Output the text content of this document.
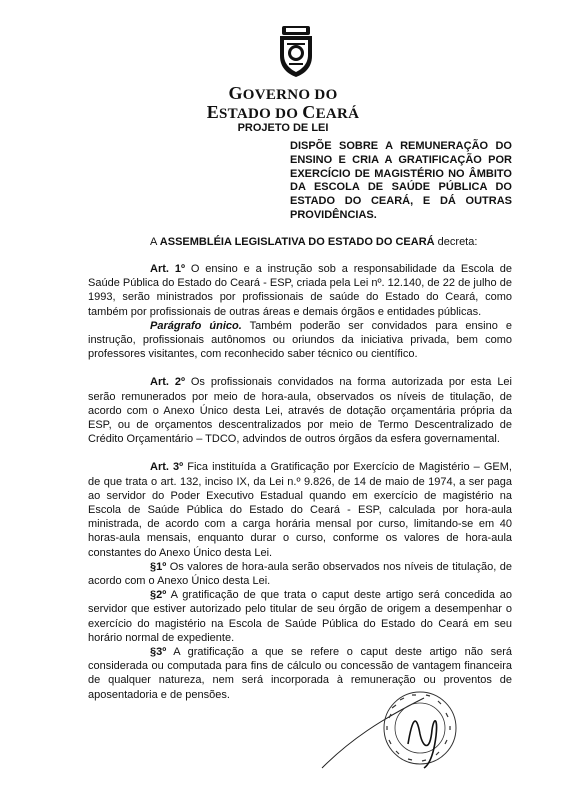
GOVERNO DO
ESTADO DO CEARÁ
PROJETO DE LEI
DISPÕE SOBRE A REMUNERAÇÃO DO ENSINO E CRIA A GRATIFICAÇÃO POR EXERCÍCIO DE MAGISTÉRIO NO ÂMBITO DA ESCOLA DE SAÚDE PÚBLICA DO ESTADO DO CEARÁ, E DÁ OUTRAS PROVIDÊNCIAS.
A ASSEMBLÉIA LEGISLATIVA DO ESTADO DO CEARÁ decreta:

Art. 1º O ensino e a instrução sob a responsabilidade da Escola de Saúde Pública do Estado do Ceará - ESP, criada pela Lei nº. 12.140, de 22 de julho de 1993, serão ministrados por profissionais de saúde do Estado do Ceará, como também por profissionais de outras áreas e demais órgãos e entidades públicas.

Parágrafo único. Também poderão ser convidados para ensino e instrução, profissionais autônomos ou oriundos da iniciativa privada, bem como professores visitantes, com reconhecido saber técnico ou científico.

Art. 2º Os profissionais convidados na forma autorizada por esta Lei serão remunerados por meio de hora-aula, observados os níveis de titulação, de acordo com o Anexo Único desta Lei, através de dotação orçamentária própria da ESP, ou de orçamentos descentralizados por meio de Termo Descentralizado de Crédito Orçamentário – TDCO, advindos de outros órgãos da esfera governamental.

Art. 3º Fica instituída a Gratificação por Exercício de Magistério – GEM, de que trata o art. 132, inciso IX, da Lei n.º 9.826, de 14 de maio de 1974, a ser paga ao servidor do Poder Executivo Estadual quando em exercício de magistério na Escola de Saúde Pública do Estado do Ceará - ESP, calculada por hora-aula ministrada, de acordo com a carga horária mensal por curso, limitando-se em 40 horas-aula mensais, enquanto durar o curso, conforme os valores de hora-aula constantes do Anexo Único desta Lei.

§1º Os valores de hora-aula serão observados nos níveis de titulação, de acordo com o Anexo Único desta Lei.

§2º A gratificação de que trata o caput deste artigo será concedida ao servidor que estiver autorizado pelo titular de seu órgão de origem a desempenhar o exercício do magistério na Escola de Saúde Pública do Estado do Ceará em seu horário normal de expediente.

§3º A gratificação a que se refere o caput deste artigo não será considerada ou computada para fins de cálculo ou concessão de vantagem financeira de qualquer natureza, nem será incorporada à remuneração ou proventos de aposentadoria e de pensões.
